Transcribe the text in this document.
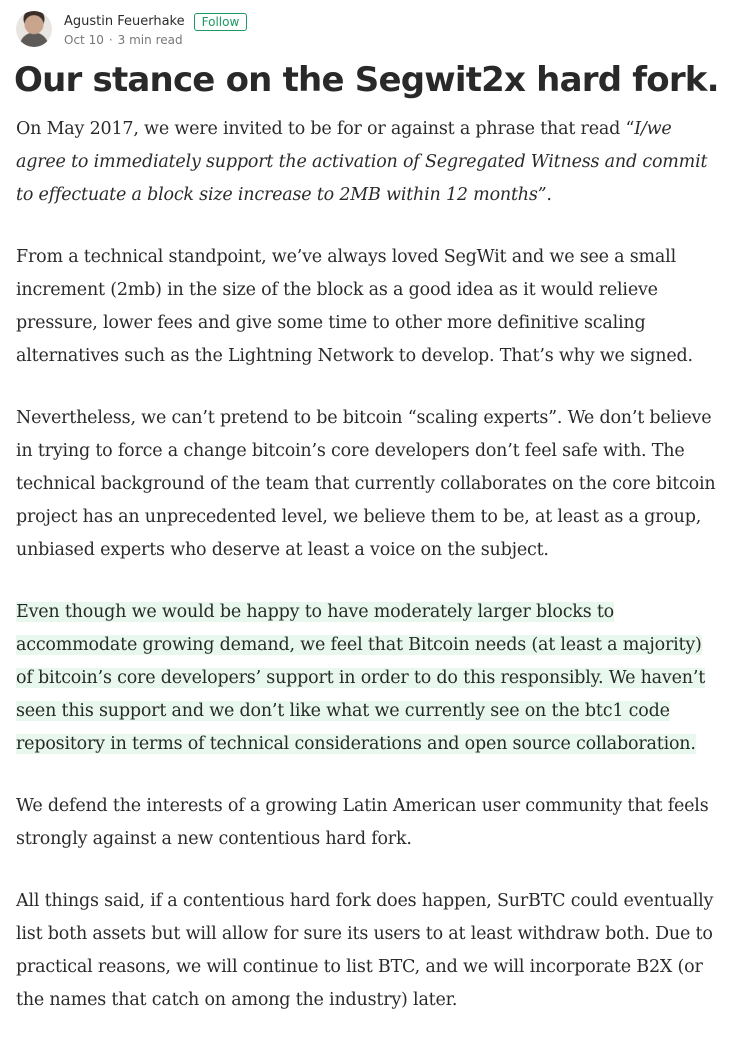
Agustin Feuerhake	Follow
Oct 10 · 3 min read
Our stance on the Segwit2x hard fork.

On May 2017, we were invited to be for or against a phrase that read “I/we agree to immediately support the activation of Segregated Witness and commit to effectuate a block size increase to 2MB within 12 months”.

From a technical standpoint, we’ve always loved SegWit and we see a small increment (2mb) in the size of the block as a good idea as it would relieve pressure, lower fees and give some time to other more definitive scaling alternatives such as the Lightning Network to develop. That’s why we signed.

Nevertheless, we can’t pretend to be bitcoin “scaling experts”. We don’t believe in trying to force a change bitcoin’s core developers don’t feel safe with. The technical background of the team that currently collaborates on the core bitcoin project has an unprecedented level, we believe them to be, at least as a group, unbiased experts who deserve at least a voice on the subject.

Even though we would be happy to have moderately larger blocks to accommodate growing demand, we feel that Bitcoin needs (at least a majority) of bitcoin’s core developers’ support in order to do this responsibly. We haven’t seen this support and we don’t like what we currently see on the btc1 code repository in terms of technical considerations and open source collaboration.

We defend the interests of a growing Latin American user community that feels strongly against a new contentious hard fork.

All things said, if a contentious hard fork does happen, SurBTC could eventually list both assets but will allow for sure its users to at least withdraw both. Due to practical reasons, we will continue to list BTC, and we will incorporate B2X (or the names that catch on among the industry) later.
